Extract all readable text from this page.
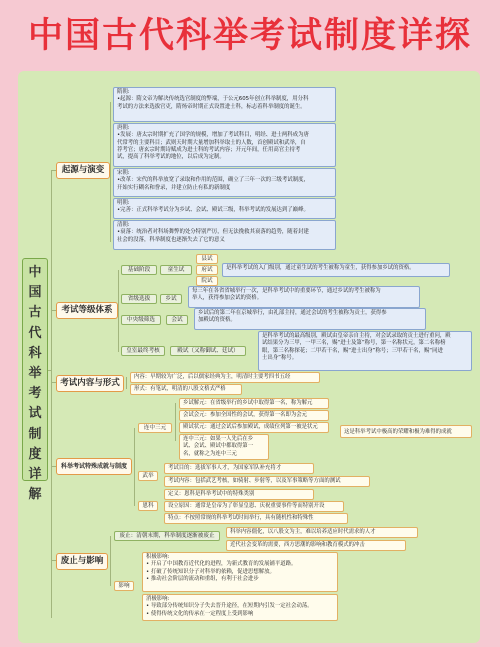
中国古代科举考试制度详探
中国古代科举考试制度详解
起源与演变
隋朝:
•起源：隋文帝为解决传统选官制度的弊端，于公元605年创立科举制度，用分科
考试的方法来选拔官吏，隋炀帝时期正式设置进士科，标志着科举制度的诞生。
唐朝:
•发展：唐太宗时期扩充了国学的规模，增加了考试科目，明经、进士两科成为唐
代常考的主要科目；武则天时期大量增加科举取士的人数，首创殿试和武举，自
荐考官；唐玄宗时期诗赋成为进士科的考试内容；开元年间，任用高官主持考
试，提高了科举考试的地位，以后成为定制。
宋朝:
•改革：宋代的科举放宽了录取和作用的范围，确立了三年一次的三级考试制度，
开始实行糊名和誊录，并建立防止有私的新制度
明朝:
•完善：正式科举考试分为乡试、会试、殿试三级，科举考试的发展达到了巅峰。
清朝:
•衰落：统治者对科场舞弊的处分特别严厉，但无法挽救其衰落的趋势，随着封建
社会的没落，科举制度也逐渐失去了它的意义
考试等级体系
基础阶段	童生试
县试
府试
院试
是科举考试的入门级别，通过童生试的考生被称为童生，获得参加乡试的资格。
省级选拔	乡试
每三年在各省省城举行一次，是科举考试中的重要环节，通过乡试的考生被称为
举人，获得参加会试的资格。
中央级筛选	会试
乡试后的第二年在京城举行，由礼部主持，通过会试的考生被称为贡士，获得参
加殿试的资格。
皇室最终考核	殿试（又称御试、廷试）
是科举考试的最高级别，殿试由皇帝亲自主持，对会试录取的贡士进行重问，殿
试结果分为三甲，一甲三名，赐“进士及第”称号，第一名称状元，第二名称榜
眼，第三名称探花；二甲若干名，赐“进士出身”称号；三甲若干名，赐“同进
士出身”称号。
考试内容与形式
内容：早期较为广泛，后以儒家经典为主，明清时主要考四书五经
形式：有笔试，明清的八股文格式严格
科举考试特殊成就与制度
连中三元
乡试解元：在省级举行的乡试中取得第一名，称为解元
会试会元：参加全国性的会试，获得第一名即为会元
殿试状元：通过会试后参加殿试，成绩位列第一被是状元
连中三元：如果一人先后在乡
试、会试、殿试中都取得第一
名，就称之为连中三元
这是科举考试中极高的荣耀和极为难得的成就
武举
考试目的：选拔军事人才，为国家军队补充将才
考试内容：包括武艺考核，如骑射、步射等，以及军事策略等方面的测试
恩科
定义：恩科是科举考试中的特殊类别
设立原因：通常是皇帝为了彰显皇恩、庆祝重要事件等而特别开设
特点：不按照常规的科举考试时间举行，具有随机性和特殊性
废止与影响
废止：清朝末期，科举制度逐渐被废止
科举内容僵化，以八股文为主，难以培养适应时代需求的人才
近代社会变革的需要，西方思潮的影响和教育模式的冲击
影响
积极影响:
• 开启了中国教育近代化的进程，为新式教育的发展铺平道路。
• 打破了传统知识分子对科举的依赖，促进思想解放。
• 推动社会阶层的流动和重组，有利于社会进步
消极影响:
• 导致部分传统知识分子失去晋升途径，在短期内引发一定社会动荡。
• 使得传统文化的传承在一定程度上受到影响
